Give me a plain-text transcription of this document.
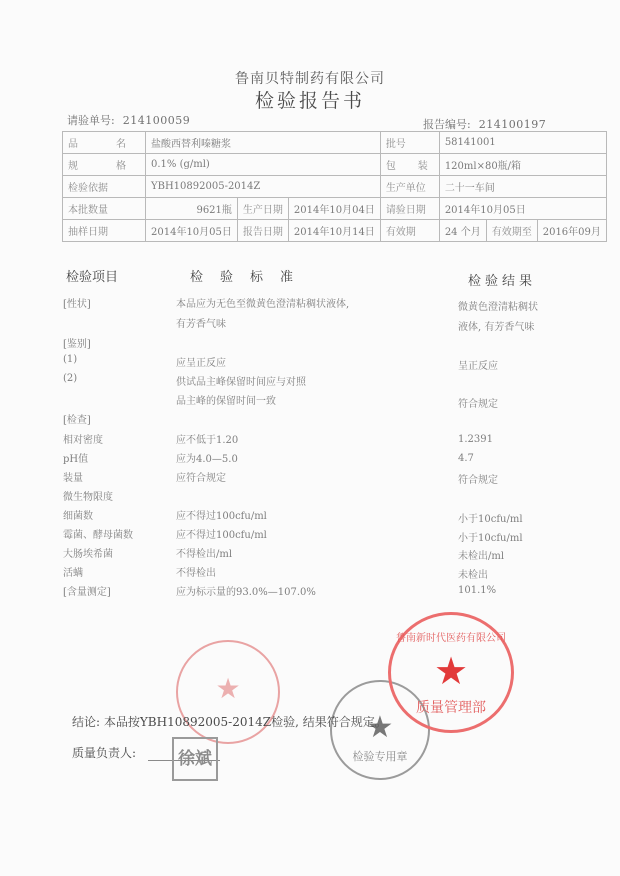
鲁南贝特制药有限公司
检验报告书
请验单号: 214100059	报告编号: 214100197
品　名	盐酸西替利嗪糖浆			批号	58141001		
规　格	0.1% (g/ml)			包　装	120ml×80瓶/箱		
检验依据	YBH10892005-2014Z			生产单位	二十一车间		
本批数量	9621瓶	生产日期	2014年10月04日	请验日期	2014年10月05日		
抽样日期	2014年10月05日	报告日期	2014年10月14日	有效期	24 个月	有效期至	2016年09月
检验项目	检　验　标　准	检验结果
[性状]	本品应为无色至微黄色澄清粘稠状液体,	微黄色澄清粘稠状
有芳香气味	液体, 有芳香气味
[鉴别]
(1)	应呈正反应	呈正反应
(2)	供试品主峰保留时间应与对照
品主峰的保留时间一致	符合规定
[检查]
相对密度	应不低于1.20	1.2391
pH值	应为4.0—5.0	4.7
装量	应符合规定	符合规定
微生物限度
细菌数	应不得过100cfu/ml	小于10cfu/ml
霉菌、酵母菌数	应不得过100cfu/ml	小于10cfu/ml
大肠埃希菌	不得检出/ml	未检出/ml
活螨	不得检出	未检出
[含量测定]	应为标示量的93.0%—107.0%	101.1%
★
★
检验专用章
鲁南新时代医药有限公司
★
质量管理部
结论: 本品按YBH10892005-2014Z检验, 结果符合规定。
质量负责人:	徐斌
